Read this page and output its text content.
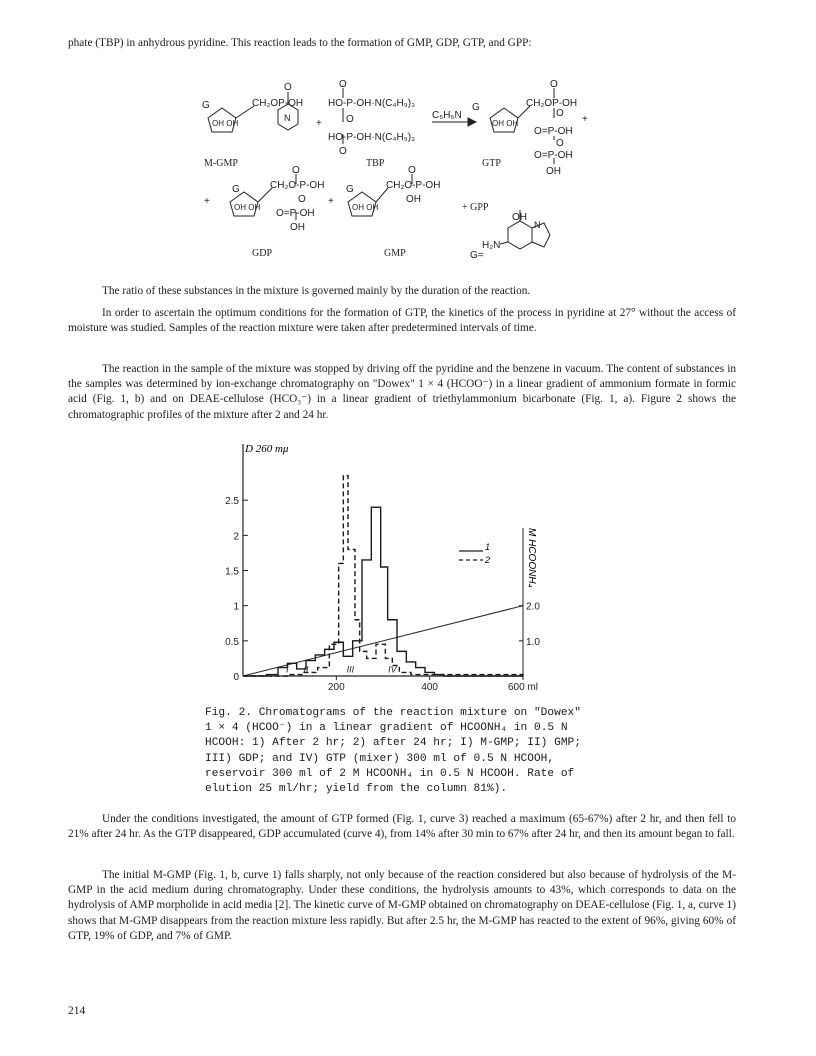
phate (TBP) in anhydrous pyridine. This reaction leads to the formation of GMP, GDP, GTP, and GPP:

G
OH OH
CH₂OP-OH
O
N
M-GMP
+
O
HO-P-OH·N(C₄H₉)₃
O
HO-P-OH·N(C₄H₉)₃
O
TBP
C₅H₅N
G
OH OH
CH₂OP-OH
O
O
O=P-OH
O
O=P-OH
OH
+
GTP
+
G
OH OH
O
CH₂O-P-OH
O
O=P-OH
OH
GDP
+
G
OH OH
O
CH₂O-P-OH
OH
GMP
+ GPP
OH
N
H₂N
G=

The ratio of these substances in the mixture is governed mainly by the duration of the reaction.

In order to ascertain the optimum conditions for the formation of GTP, the kinetics of the process in pyridine at 27° without the access of moisture was studied. Samples of the reaction mixture were taken after predetermined intervals of time.

The reaction in the sample of the mixture was stopped by driving off the pyridine and the benzene in vacuum. The content of substances in the samples was determined by ion-exchange chromatography on "Dowex" 1 × 4 (HCOO⁻) in a linear gradient of ammonium formate in formic acid (Fig. 1, b) and on DEAE-cellulose (HCO₃⁻) in a linear gradient of triethylammonium bicarbonate (Fig. 1, a). Figure 2 shows the chromatographic profiles of the mixture after 2 and 24 hr.

0
0.5
1
1.5
2
2.5
200	400	600 ml
1.0
2.0
I II	III	IV
1
2
D 260 mμ
M HCOONH₄

Fig. 2. Chromatograms of the reaction mixture on "Dowex" 1 × 4 (HCOO⁻) in a linear gradient of HCOONH₄ in 0.5 N HCOOH: 1) After 2 hr; 2) after 24 hr; I) M-GMP; II) GMP; III) GDP; and IV) GTP (mixer) 300 ml of 0.5 N HCOOH, reservoir 300 ml of 2 M HCOONH₄ in 0.5 N HCOOH. Rate of elution 25 ml/hr; yield from the column 81%).

Under the conditions investigated, the amount of GTP formed (Fig. 1, curve 3) reached a maximum (65-67%) after 2 hr, and then fell to 21% after 24 hr. As the GTP disappeared, GDP accumulated (curve 4), from 14% after 30 min to 67% after 24 hr, and then its amount began to fall.

The initial M-GMP (Fig. 1, b, curve 1) falls sharply, not only because of the reaction considered but also because of hydrolysis of the M-GMP in the acid medium during chromatography. Under these conditions, the hydrolysis amounts to 43%, which corresponds to data on the hydrolysis of AMP morpholide in acid media [2]. The kinetic curve of M-GMP obtained on chromatography on DEAE-cellulose (Fig. 1, a, curve 1) shows that M-GMP disappears from the reaction mixture less rapidly. But after 2.5 hr, the M-GMP has reacted to the extent of 96%, giving 60% of GTP, 19% of GDP, and 7% of GMP.

214
